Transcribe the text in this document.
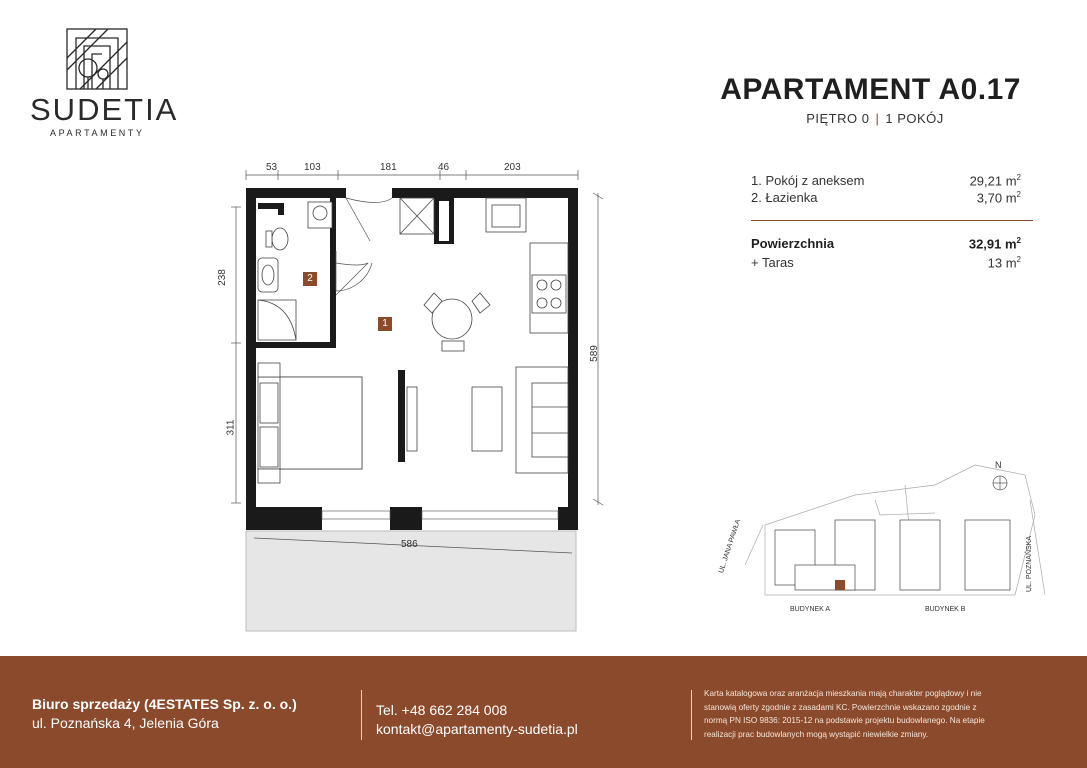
SUDETIA
APARTAMENTY
APARTAMENT A0.17
PIĘTRO 0 | 1 POKÓJ
1. Pokój z aneksem	29,21 $m^2$
2. Łazienka	3,70 $m^2$
Powierzchnia	32,91 $m^2$
+ Taras	13 $m^2$
53	103	181	46	203
586
238
311
589
1
2
N
BUDYNEK A	BUDYNEK B
UL. JANA PAWŁA	UL. POZNAŃSKA
Biuro sprzedaży (4ESTATES Sp. z. o. o.)
ul. Poznańska 4, Jelenia Góra
Tel. +48 662 284 008
kontakt@apartamenty-sudetia.pl
Karta katalogowa oraz aranżacja mieszkania mają charakter poglądowy i nie
stanowią oferty zgodnie z zasadami KC. Powierzchnie wskazano zgodnie z
normą PN ISO 9836: 2015-12 na podstawie projektu budowlanego. Na etapie
realizacji prac budowlanych mogą wystąpić niewielkie zmiany.
